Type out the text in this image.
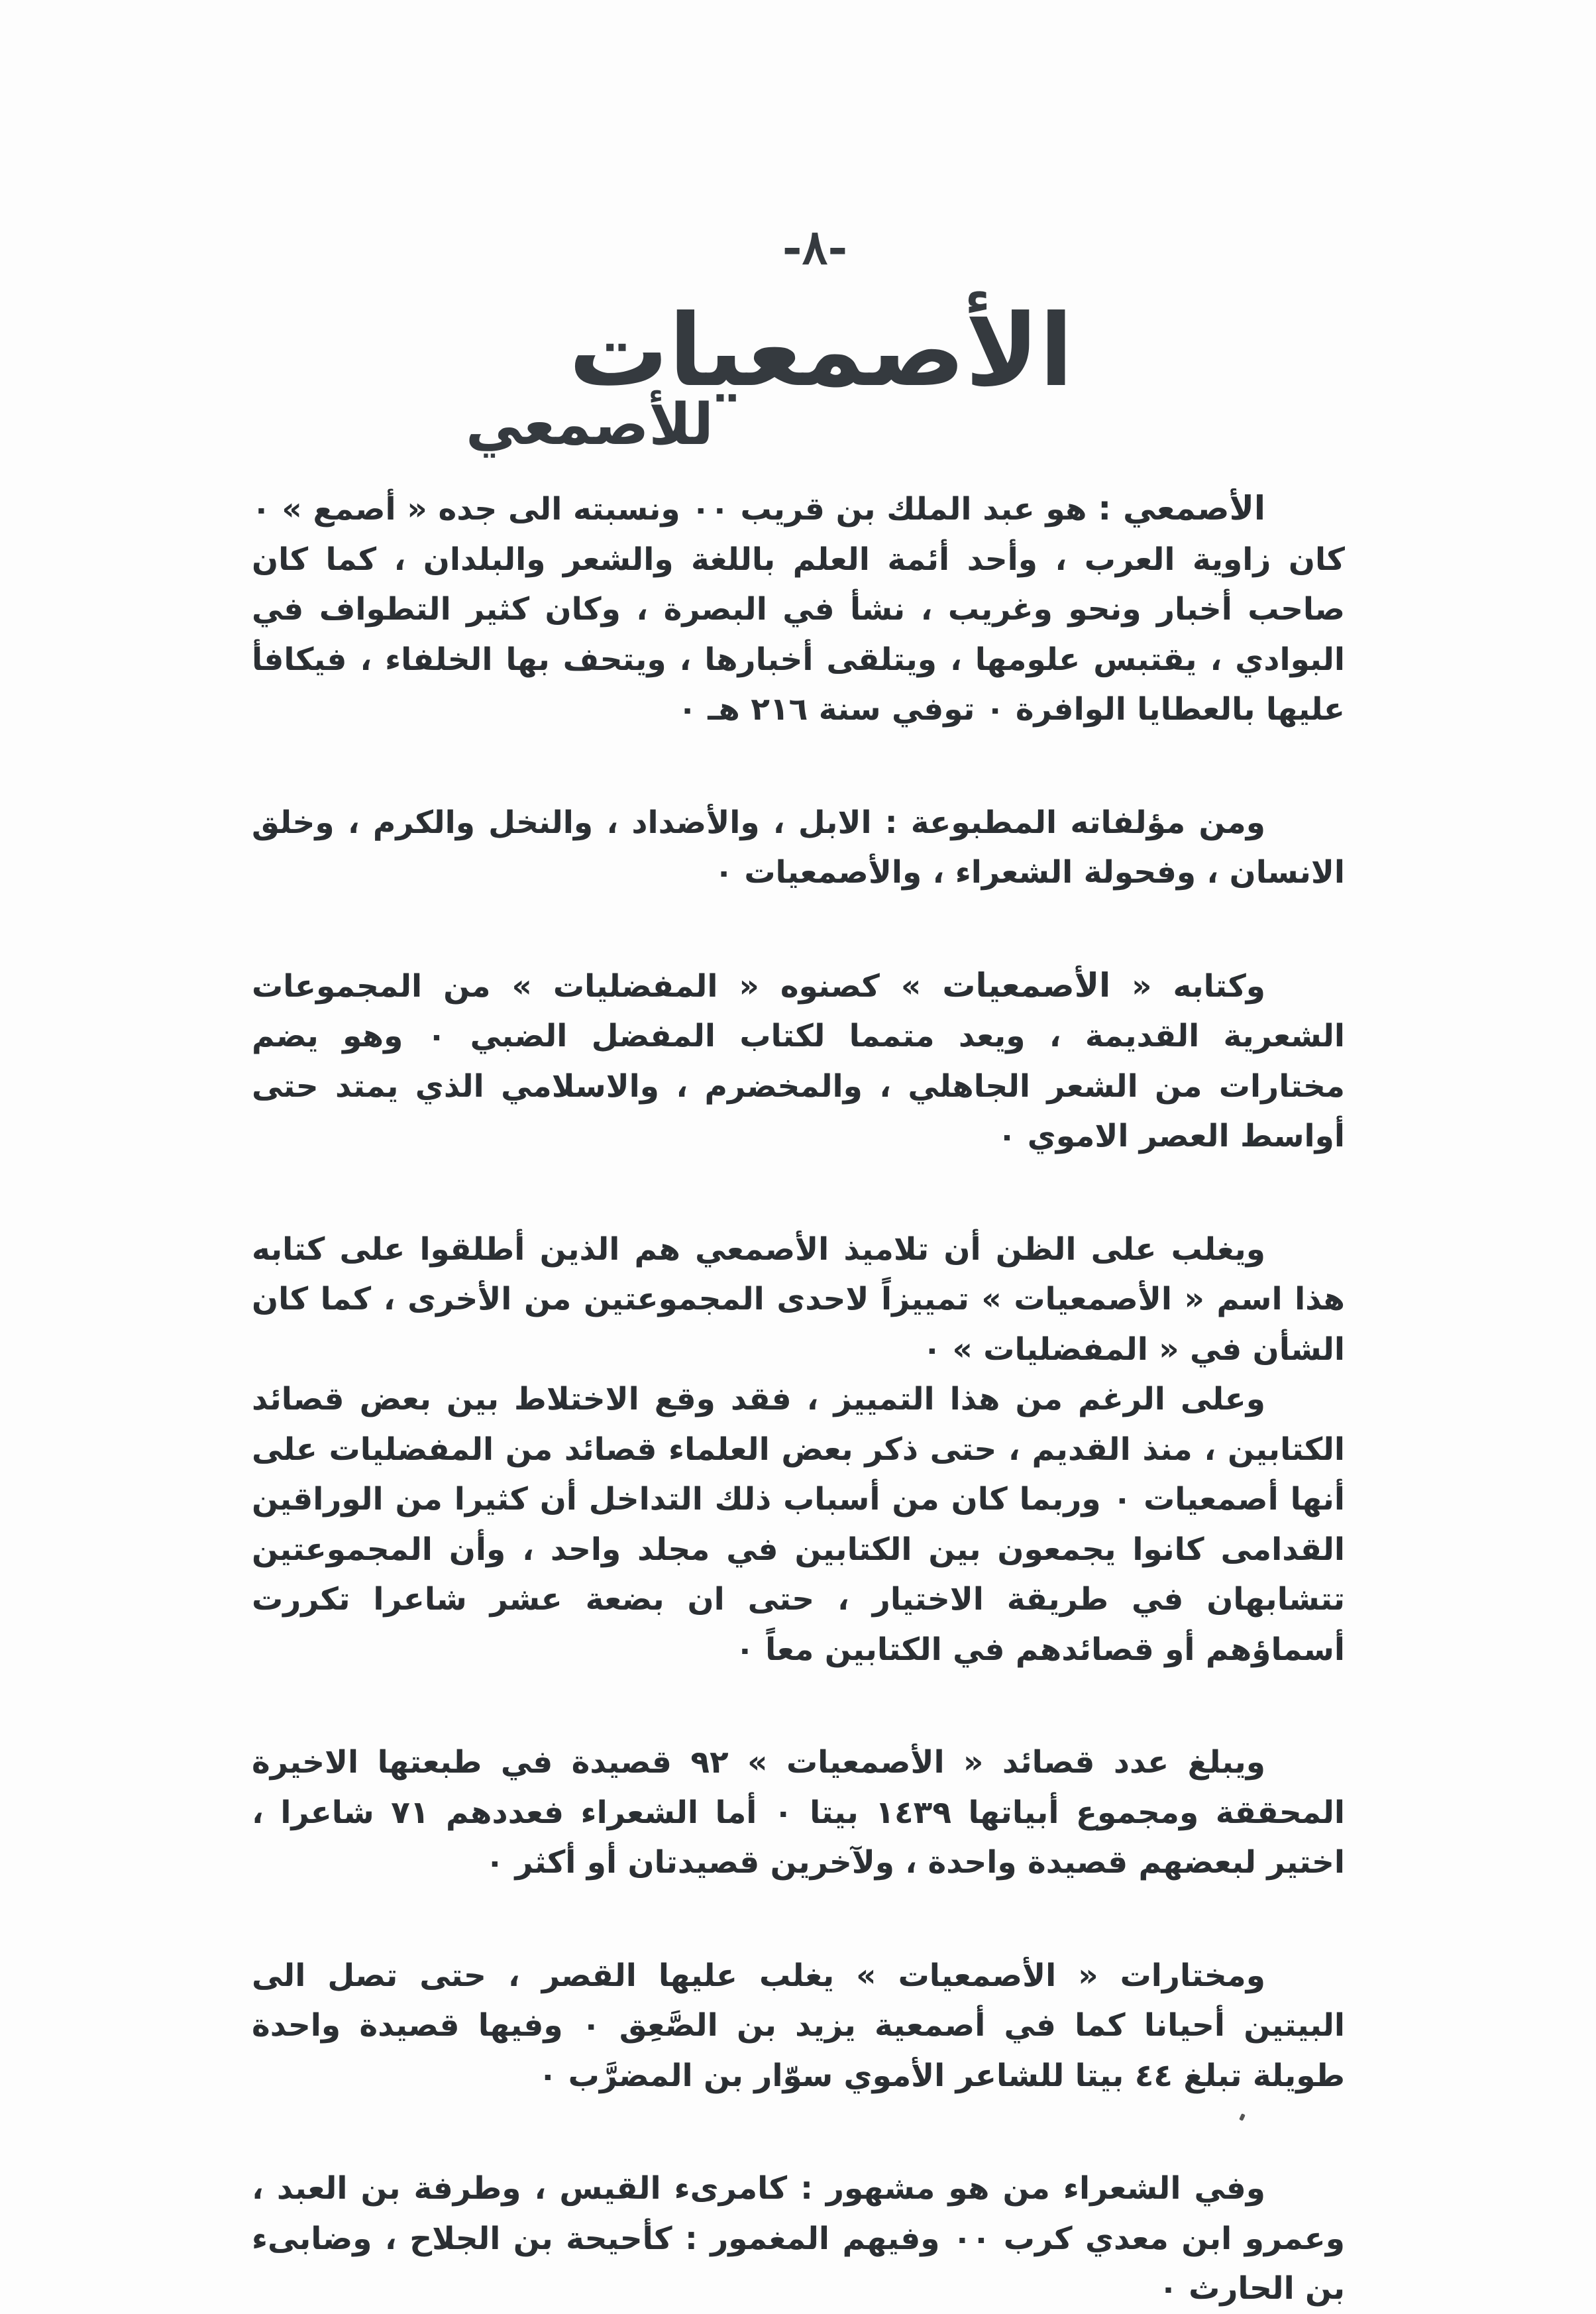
-٨-
الأصمعيات
للأصمعي

الأصمعي : هو عبد الملك بن قريب ٠٠ ونسبته الى جده « أصمع » ٠ كان زاوية العرب ، وأحد أئمة العلم باللغة والشعر والبلدان ، كما كان صاحب أخبار ونحو وغريب ، نشأ في البصرة ، وكان كثير التطواف في البوادي ، يقتبس علومها ، ويتلقى أخبارها ، ويتحف بها الخلفاء ، فيكافأ عليها بالعطايا الوافرة ٠ توفي سنة ٢١٦ هـ ٠

ومن مؤلفاته المطبوعة : الابل ، والأضداد ، والنخل والكرم ، وخلق الانسان ، وفحولة الشعراء ، والأصمعيات ٠

وكتابه « الأصمعيات » كصنوه « المفضليات » من المجموعات الشعرية القديمة ، ويعد متمما لكتاب المفضل الضبي ٠ وهو يضم مختارات من الشعر الجاهلي ، والمخضرم ، والاسلامي الذي يمتد حتى أواسط العصر الاموي ٠

ويغلب على الظن أن تلاميذ الأصمعي هم الذين أطلقوا على كتابه هذا اسم « الأصمعيات » تمييزاً لاحدى المجموعتين من الأخرى ، كما كان الشأن في « المفضليات » ٠

وعلى الرغم من هذا التمييز ، فقد وقع الاختلاط بين بعض قصائد الكتابين ، منذ القديم ، حتى ذكر بعض العلماء قصائد من المفضليات على أنها أصمعيات ٠ وربما كان من أسباب ذلك التداخل أن كثيرا من الوراقين القدامى كانوا يجمعون بين الكتابين في مجلد واحد ، وأن المجموعتين تتشابهان في طريقة الاختيار ، حتى ان بضعة عشر شاعرا تكررت أسماؤهم أو قصائدهم في الكتابين معاً ٠

ويبلغ عدد قصائد « الأصمعيات » ٩٢ قصيدة في طبعتها الاخيرة المحققة ومجموع أبياتها ١٤٣٩ بيتا ٠ أما الشعراء فعددهم ٧١ شاعرا ، اختير لبعضهم قصيدة واحدة ، ولآخرين قصيدتان أو أكثر ٠

ومختارات « الأصمعيات » يغلب عليها القصر ، حتى تصل الى البيتين أحيانا كما في أصمعية يزيد بن الصَّعِق ٠ وفيها قصيدة واحدة طويلة تبلغ ٤٤ بيتا للشاعر الأموي سوّار بن المضرَّب ٠

وفي الشعراء من هو مشهور : كامرىء القيس ، وطرفة بن العبد ، وعمرو ابن معدي كرب ٠٠ وفيهم المغمور : كأحيحة بن الجلاح ، وضابىء بن الحارث ٠
